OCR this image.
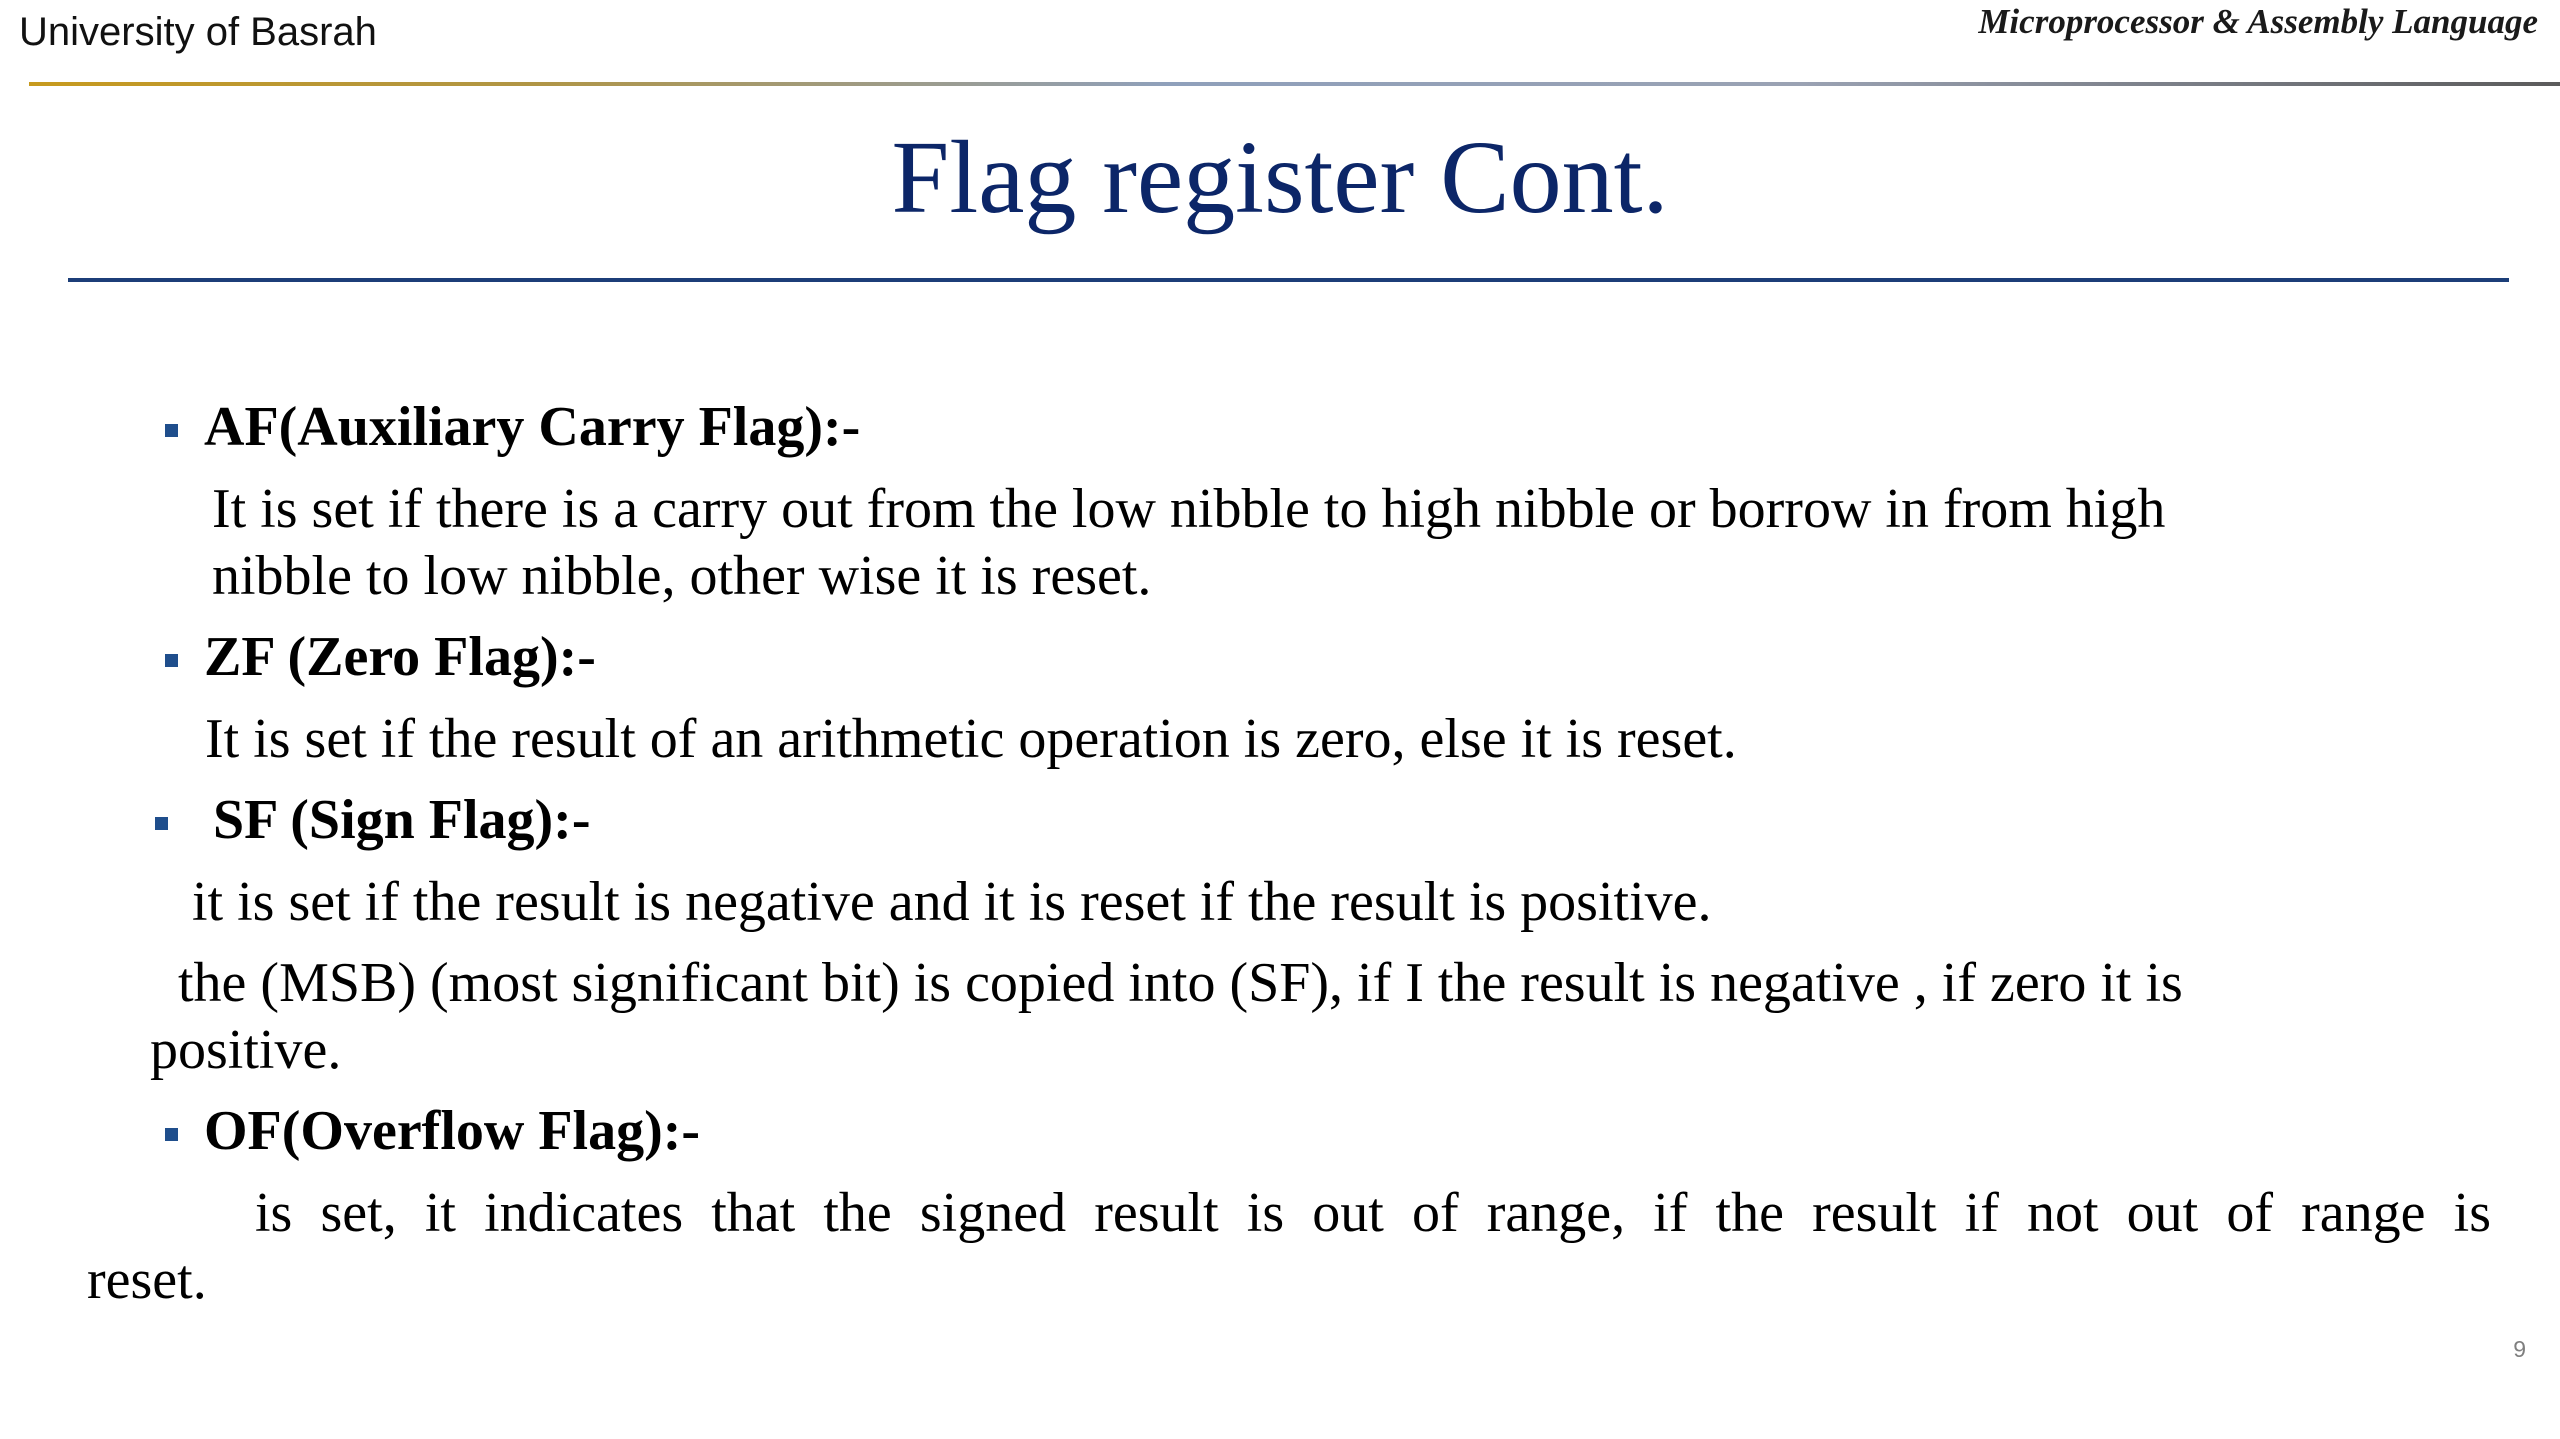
University of Basrah	Microprocessor & Assembly Language
Flag register Cont.
AF(Auxiliary Carry Flag):-
It is set if there is a carry out from the low nibble to high nibble or borrow in from high
nibble to low nibble, other wise it is reset.
ZF (Zero Flag):-
It is set if the result of an arithmetic operation is zero, else it is reset.
SF (Sign Flag):-
it is set if the result is negative and it is reset if the result is positive.
the (MSB) (most significant bit) is copied into (SF), if I the result is negative , if zero it is
positive.
OF(Overflow Flag):-
is set, it indicates that the signed result is out of range, if the result if not out of range is
reset.
9
